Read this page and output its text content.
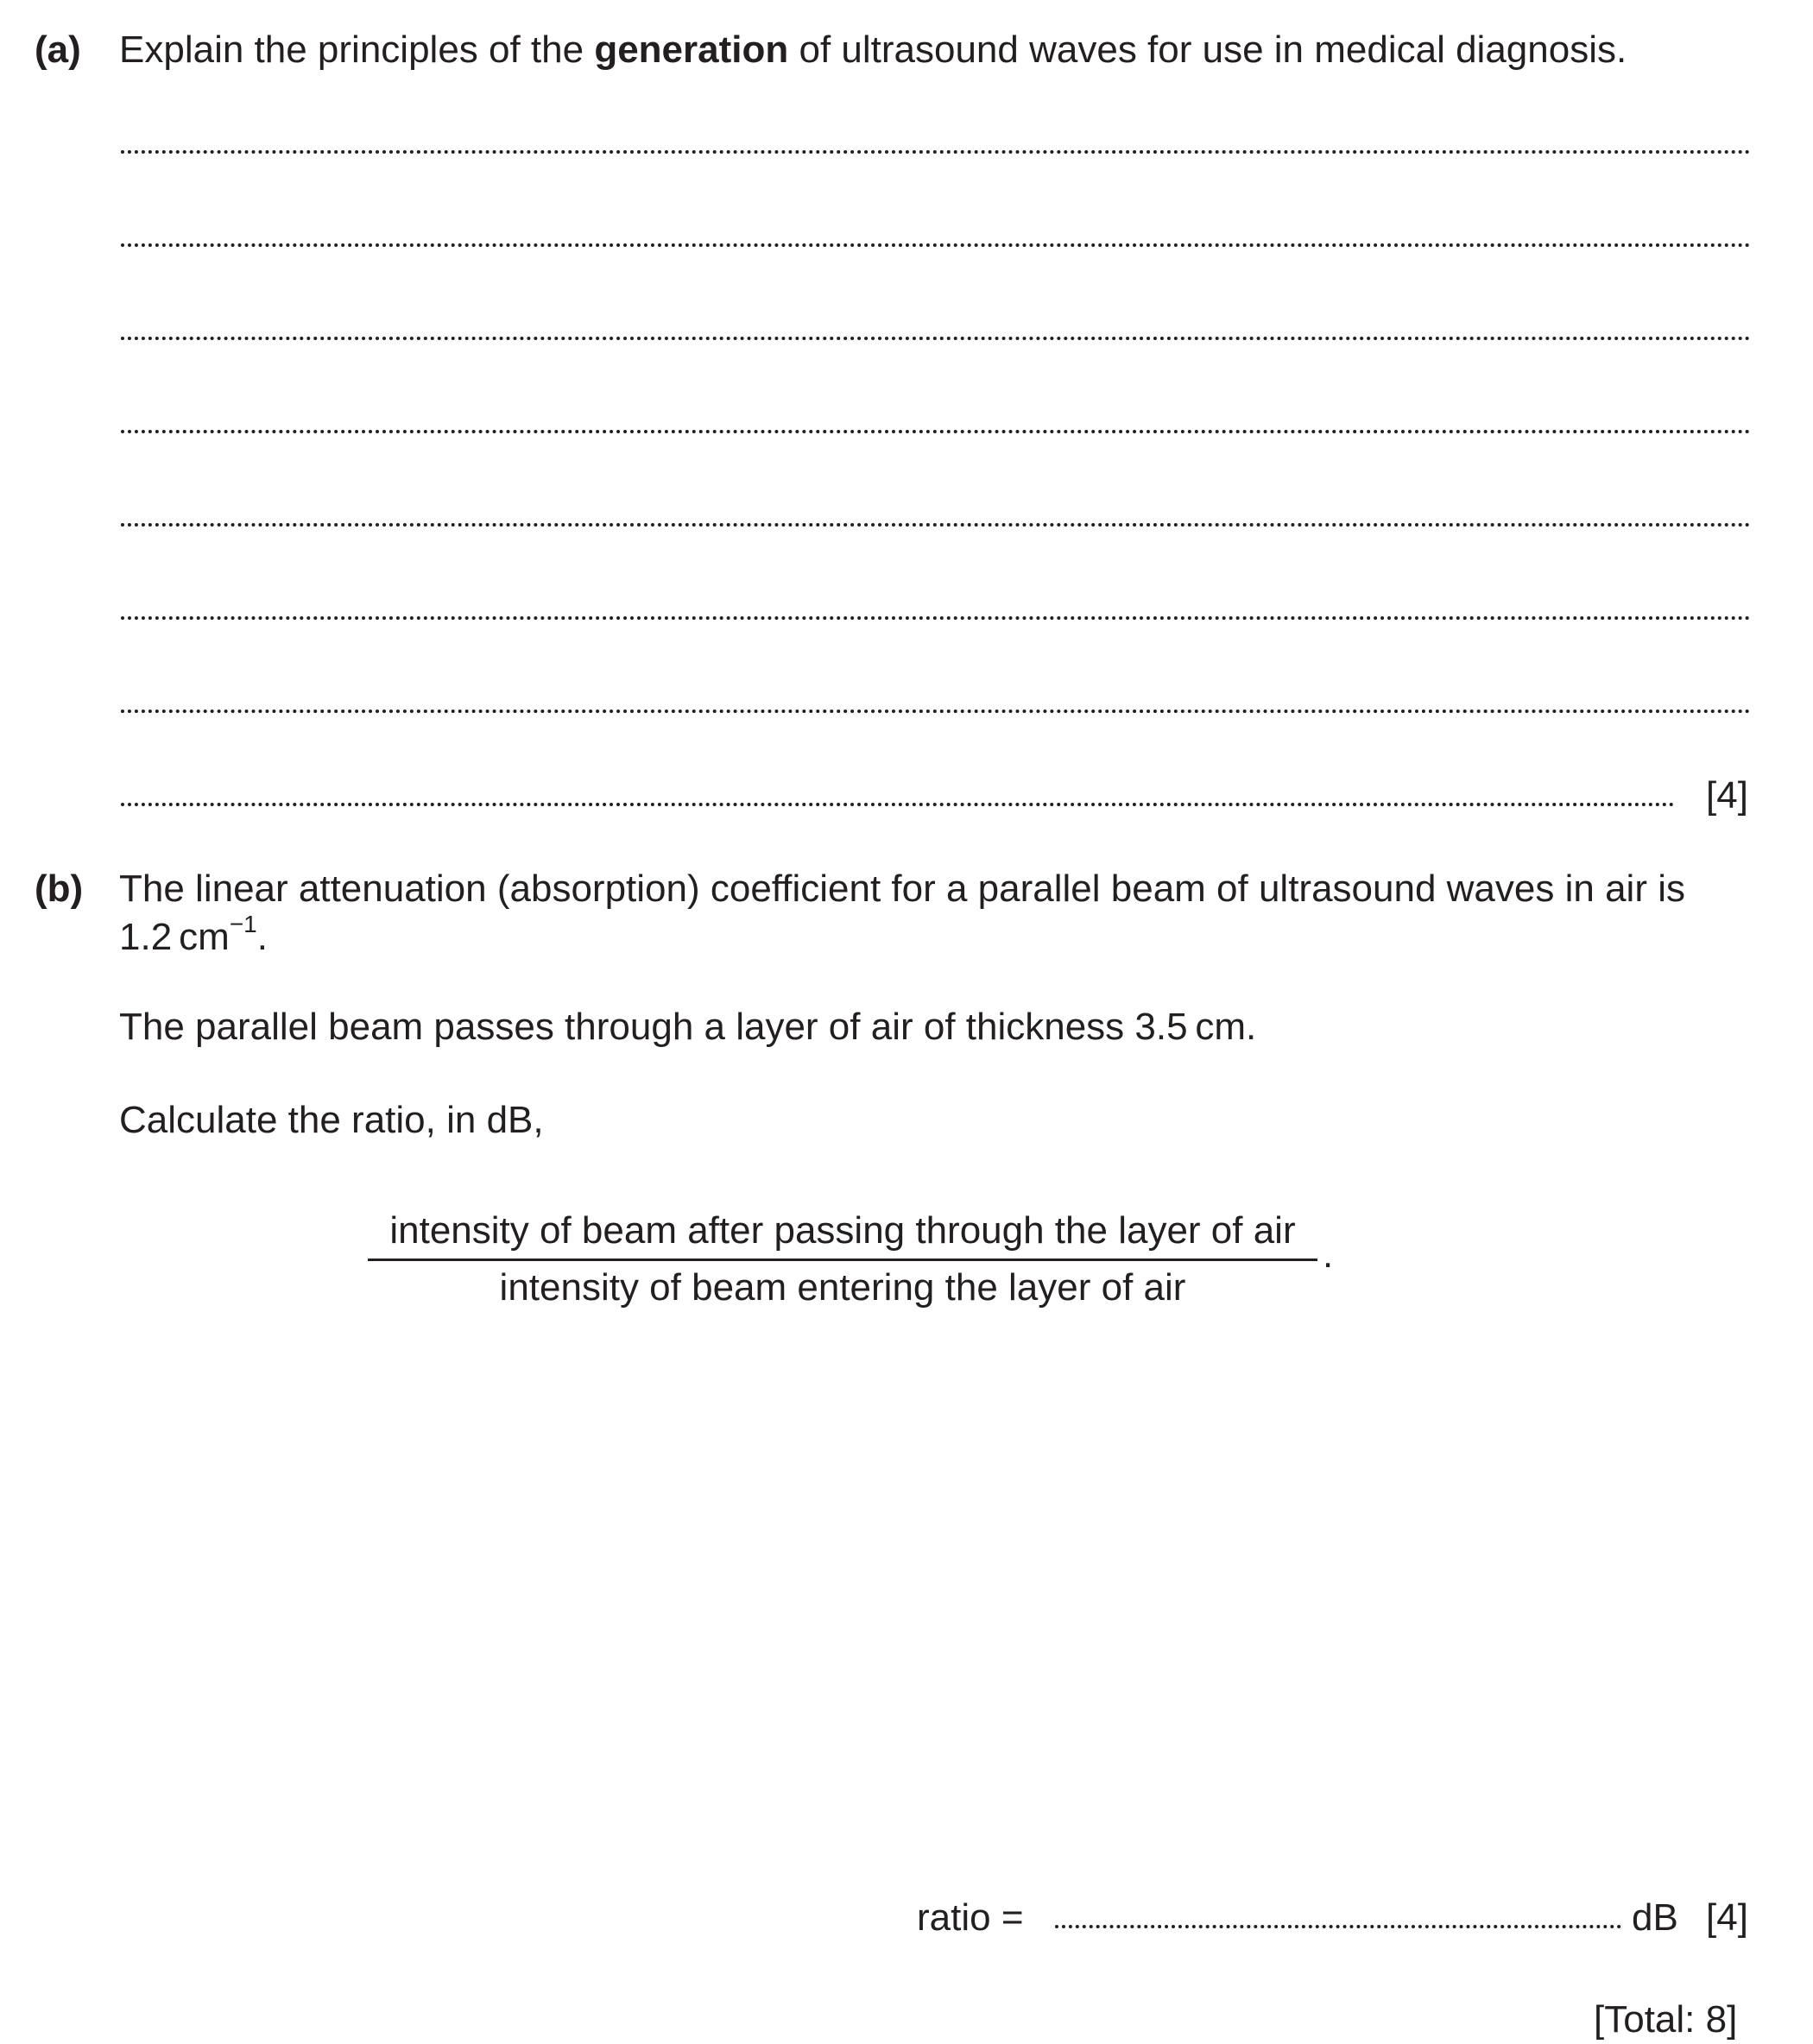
(a) Explain the principles of the generation of ultrasound waves for use in medical diagnosis.
[4]
(b) The linear attenuation (absorption) coefficient for a parallel beam of ultrasound waves in air is
1.2 $cm^{-1}$.
The parallel beam passes through a layer of air of thickness 3.5 cm.
Calculate the ratio, in dB,
intensity of beam after passing through the layer of air
intensity of beam entering the layer of air
.
ratio =	dB [4]
[Total: 8]
